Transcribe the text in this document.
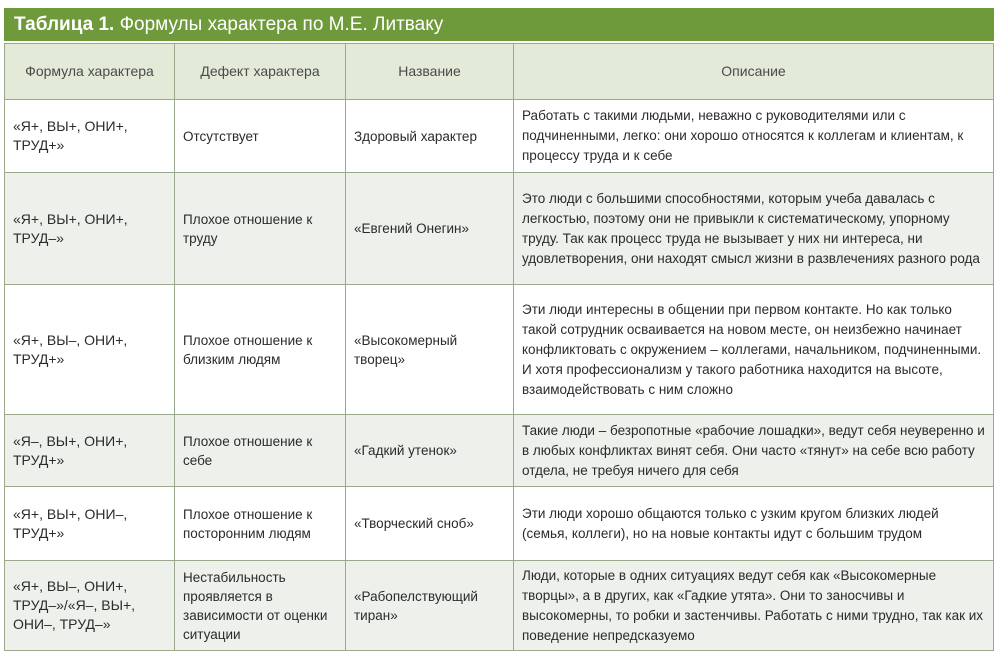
Таблица 1. Формулы характера по М.Е. Литваку
Формула характера	Дефект характера	Название	Описание
«Я+, ВЫ+, ОНИ+, ТРУД+»	Отсутствует	Здоровый характер	Работать с такими людьми, неважно с руководителями или с подчиненными, легко: они хорошо относятся к коллегам и клиентам, к процессу труда и к себе
«Я+, ВЫ+, ОНИ+, ТРУД–»	Плохое отношение к труду	«Евгений Онегин»	Это люди с большими способностями, которым учеба давалась с легкостью, поэтому они не привыкли к систематическому, упорному труду. Так как процесс труда не вызывает у них ни интереса, ни удовлетворения, они находят смысл жизни в развлечениях разного рода
«Я+, ВЫ–, ОНИ+, ТРУД+»	Плохое отношение к близким людям	«Высокомерный творец»	Эти люди интересны в общении при первом контакте. Но как только такой сотрудник осваивается на новом месте, он неизбежно начинает конфликтовать с окружением – коллегами, начальником, подчиненными. И хотя профессионализм у такого работника находится на высоте, взаимодействовать с ним сложно
«Я–, ВЫ+, ОНИ+, ТРУД+»	Плохое отношение к себе	«Гадкий утенок»	Такие люди – безропотные «рабочие лошадки», ведут себя неуверенно и в любых конфликтах винят себя. Они часто «тянут» на себе всю работу отдела, не требуя ничего для себя
«Я+, ВЫ+, ОНИ–, ТРУД+»	Плохое отношение к посторонним людям	«Творческий сноб»	Эти люди хорошо общаются только с узким кругом близких людей (семья, коллеги), но на новые контакты идут с большим трудом
«Я+, ВЫ–, ОНИ+, ТРУД–»/«Я–, ВЫ+, ОНИ–, ТРУД–»	Нестабильность проявляется в зависимости от оценки ситуации	«Рабопелствующий тиран»	Люди, которые в одних ситуациях ведут себя как «Высокомерные творцы», а в других, как «Гадкие утята». Они то заносчивы и высокомерны, то робки и застенчивы. Работать с ними трудно, так как их поведение непредсказуемо
